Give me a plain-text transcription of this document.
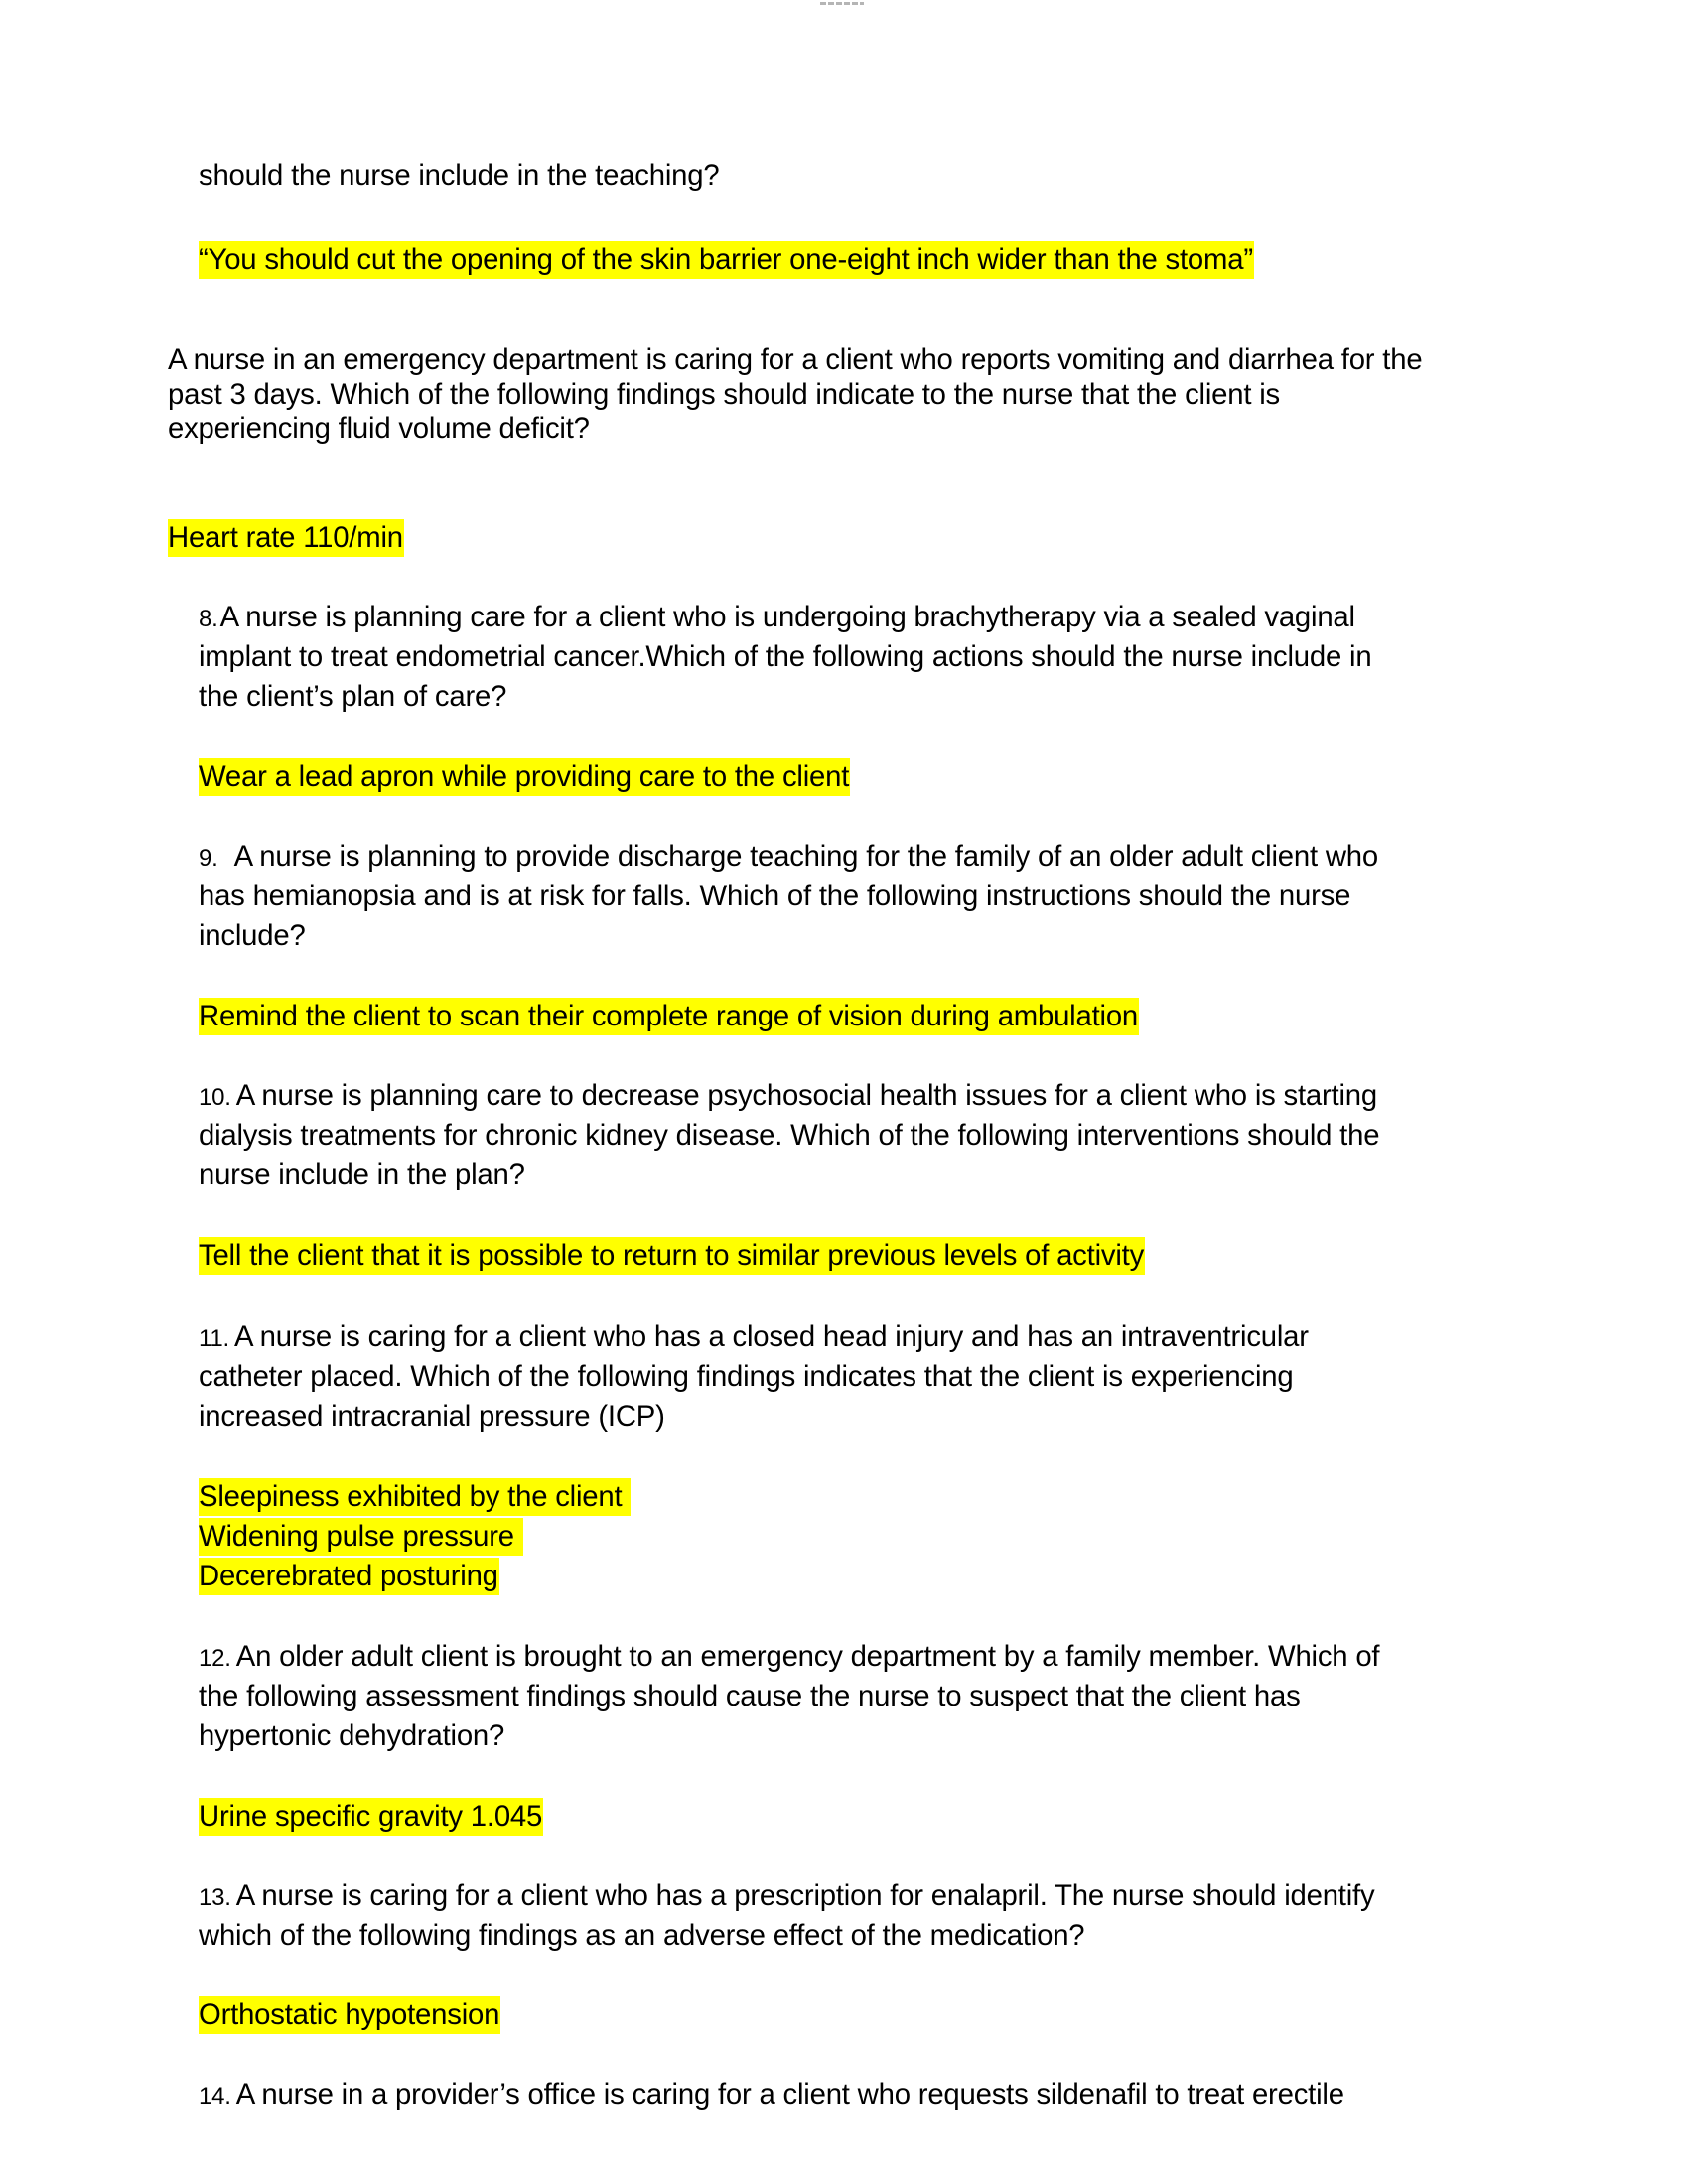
should the nurse include in the teaching?
“You should cut the opening of the skin barrier one-eight inch wider than the stoma”
A nurse in an emergency department is caring for a client who reports vomiting and diarrhea for the
past 3 days. Which of the following findings should indicate to the nurse that the client is
experiencing fluid volume deficit?
Heart rate 110/min
8.A nurse is planning care for a client who is undergoing brachytherapy via a sealed vaginal
implant to treat endometrial cancer.Which of the following actions should the nurse include in
the client’s plan of care?
Wear a lead apron while providing care to the client
9. A nurse is planning to provide discharge teaching for the family of an older adult client who
has hemianopsia and is at risk for falls. Which of the following instructions should the nurse
include?
Remind the client to scan their complete range of vision during ambulation
10. A nurse is planning care to decrease psychosocial health issues for a client who is starting
dialysis treatments for chronic kidney disease. Which of the following interventions should the
nurse include in the plan?
Tell the client that it is possible to return to similar previous levels of activity
11. A nurse is caring for a client who has a closed head injury and has an intraventricular
catheter placed. Which of the following findings indicates that the client is experiencing
increased intracranial pressure (ICP)
Sleepiness exhibited by the client
Widening pulse pressure
Decerebrated posturing
12. An older adult client is brought to an emergency department by a family member. Which of
the following assessment findings should cause the nurse to suspect that the client has
hypertonic dehydration?
Urine specific gravity 1.045
13. A nurse is caring for a client who has a prescription for enalapril. The nurse should identify
which of the following findings as an adverse effect of the medication?
Orthostatic hypotension
14. A nurse in a provider’s office is caring for a client who requests sildenafil to treat erectile
